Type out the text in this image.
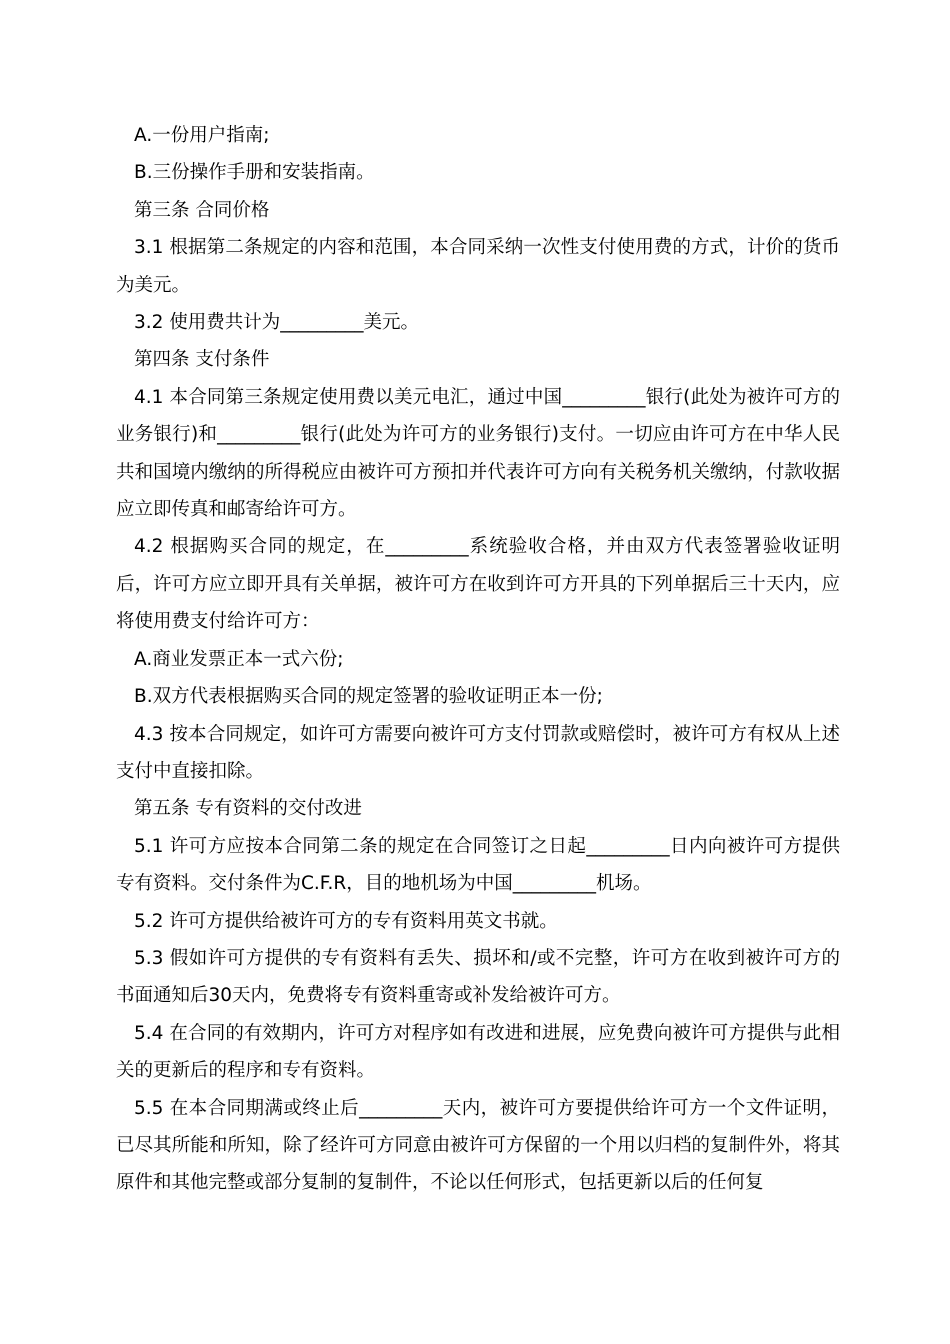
A.一份用户指南;

B.三份操作手册和安装指南。

第三条 合同价格

3.1 根据第二条规定的内容和范围，本合同采纳一次性支付使用费的方式，计价的货币为美元。

3.2 使用费共计为_________美元。

第四条 支付条件

4.1 本合同第三条规定使用费以美元电汇，通过中国_________银行(此处为被许可方的业务银行)和_________银行(此处为许可方的业务银行)支付。一切应由许可方在中华人民共和国境内缴纳的所得税应由被许可方预扣并代表许可方向有关税务机关缴纳，付款收据应立即传真和邮寄给许可方。

4.2 根据购买合同的规定，在_________系统验收合格，并由双方代表签署验收证明后，许可方应立即开具有关单据，被许可方在收到许可方开具的下列单据后三十天内，应将使用费支付给许可方：

A.商业发票正本一式六份;

B.双方代表根据购买合同的规定签署的验收证明正本一份;

4.3 按本合同规定，如许可方需要向被许可方支付罚款或赔偿时，被许可方有权从上述支付中直接扣除。

第五条 专有资料的交付改进

5.1 许可方应按本合同第二条的规定在合同签订之日起_________日内向被许可方提供专有资料。交付条件为C.F.R，目的地机场为中国_________机场。

5.2 许可方提供给被许可方的专有资料用英文书就。

5.3 假如许可方提供的专有资料有丢失、损坏和/或不完整，许可方在收到被许可方的书面通知后30天内，免费将专有资料重寄或补发给被许可方。

5.4 在合同的有效期内，许可方对程序如有改进和进展，应免费向被许可方提供与此相关的更新后的程序和专有资料。

5.5 在本合同期满或终止后_________天内，被许可方要提供给许可方一个文件证明，已尽其所能和所知，除了经许可方同意由被许可方保留的一个用以归档的复制件外，将其原件和其他完整或部分复制的复制件，不论以任何形式，包括更新以后的任何复
